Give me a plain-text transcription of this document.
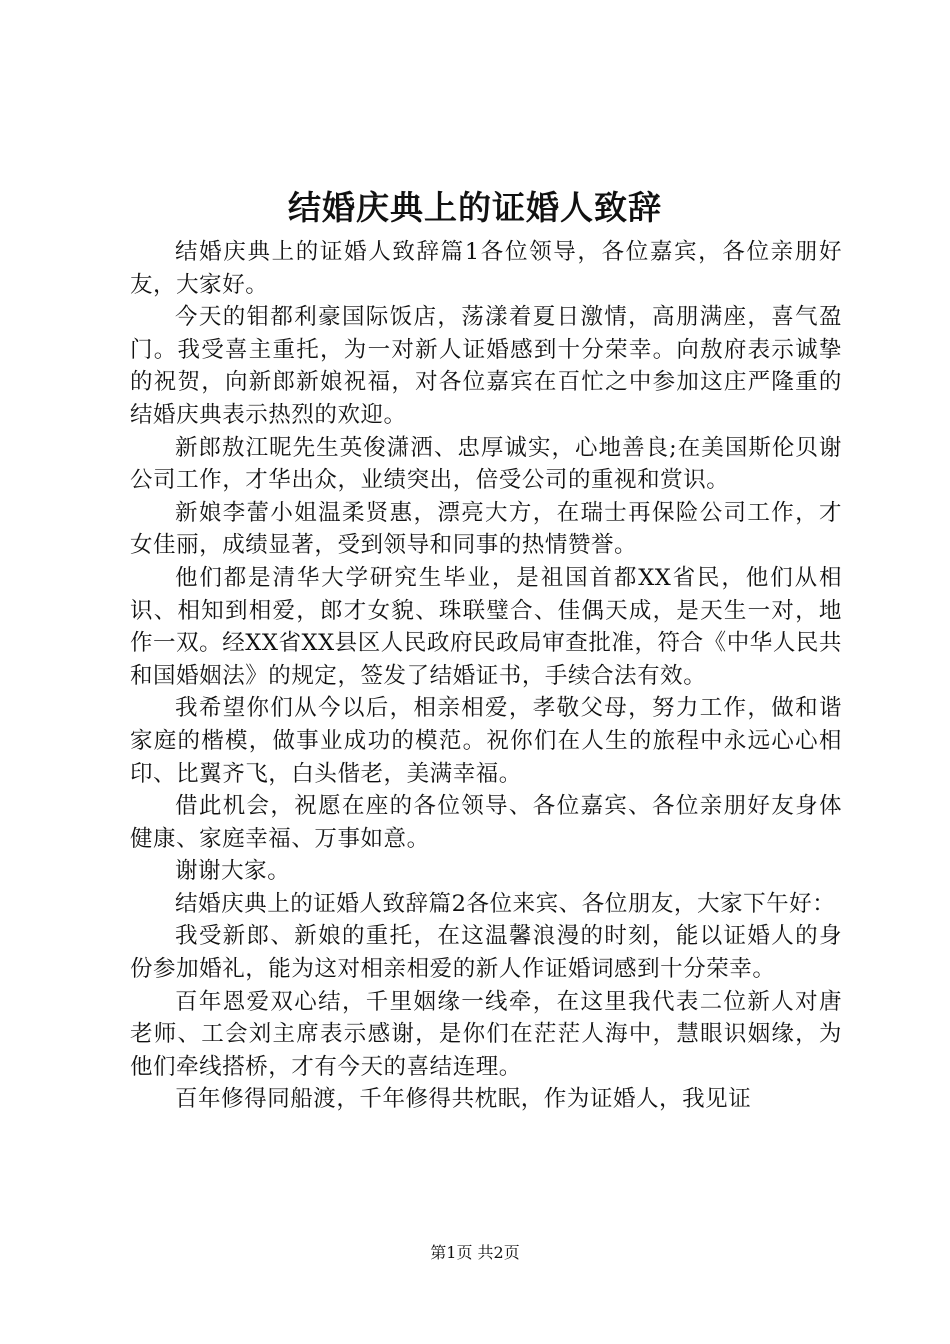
结婚庆典上的证婚人致辞

结婚庆典上的证婚人致辞篇1各位领导，各位嘉宾，各位亲朋好友，大家好。

今天的钼都利豪国际饭店，荡漾着夏日激情，高朋满座，喜气盈门。我受喜主重托，为一对新人证婚感到十分荣幸。向敖府表示诚挚的祝贺，向新郎新娘祝福，对各位嘉宾在百忙之中参加这庄严隆重的结婚庆典表示热烈的欢迎。

新郎敖江昵先生英俊潇洒、忠厚诚实，心地善良;在美国斯伦贝谢公司工作，才华出众，业绩突出，倍受公司的重视和赏识。

新娘李蕾小姐温柔贤惠，漂亮大方，在瑞士再保险公司工作，才女佳丽，成绩显著，受到领导和同事的热情赞誉。

他们都是清华大学研究生毕业，是祖国首都XX省民，他们从相识、相知到相爱，郎才女貌、珠联璧合、佳偶天成，是天生一对，地作一双。经XX省XX县区人民政府民政局审查批准，符合《中华人民共和国婚姻法》的规定，签发了结婚证书，手续合法有效。

我希望你们从今以后，相亲相爱，孝敬父母，努力工作，做和谐家庭的楷模，做事业成功的模范。祝你们在人生的旅程中永远心心相印、比翼齐飞，白头偕老，美满幸福。

借此机会，祝愿在座的各位领导、各位嘉宾、各位亲朋好友身体健康、家庭幸福、万事如意。

谢谢大家。

结婚庆典上的证婚人致辞篇2各位来宾、各位朋友，大家下午好：

我受新郎、新娘的重托，在这温馨浪漫的时刻，能以证婚人的身份参加婚礼，能为这对相亲相爱的新人作证婚词感到十分荣幸。

百年恩爱双心结，千里姻缘一线牵，在这里我代表二位新人对唐老师、工会刘主席表示感谢，是你们在茫茫人海中，慧眼识姻缘，为他们牵线搭桥，才有今天的喜结连理。

百年修得同船渡，千年修得共枕眠，作为证婚人，我见证

第1页 共2页
